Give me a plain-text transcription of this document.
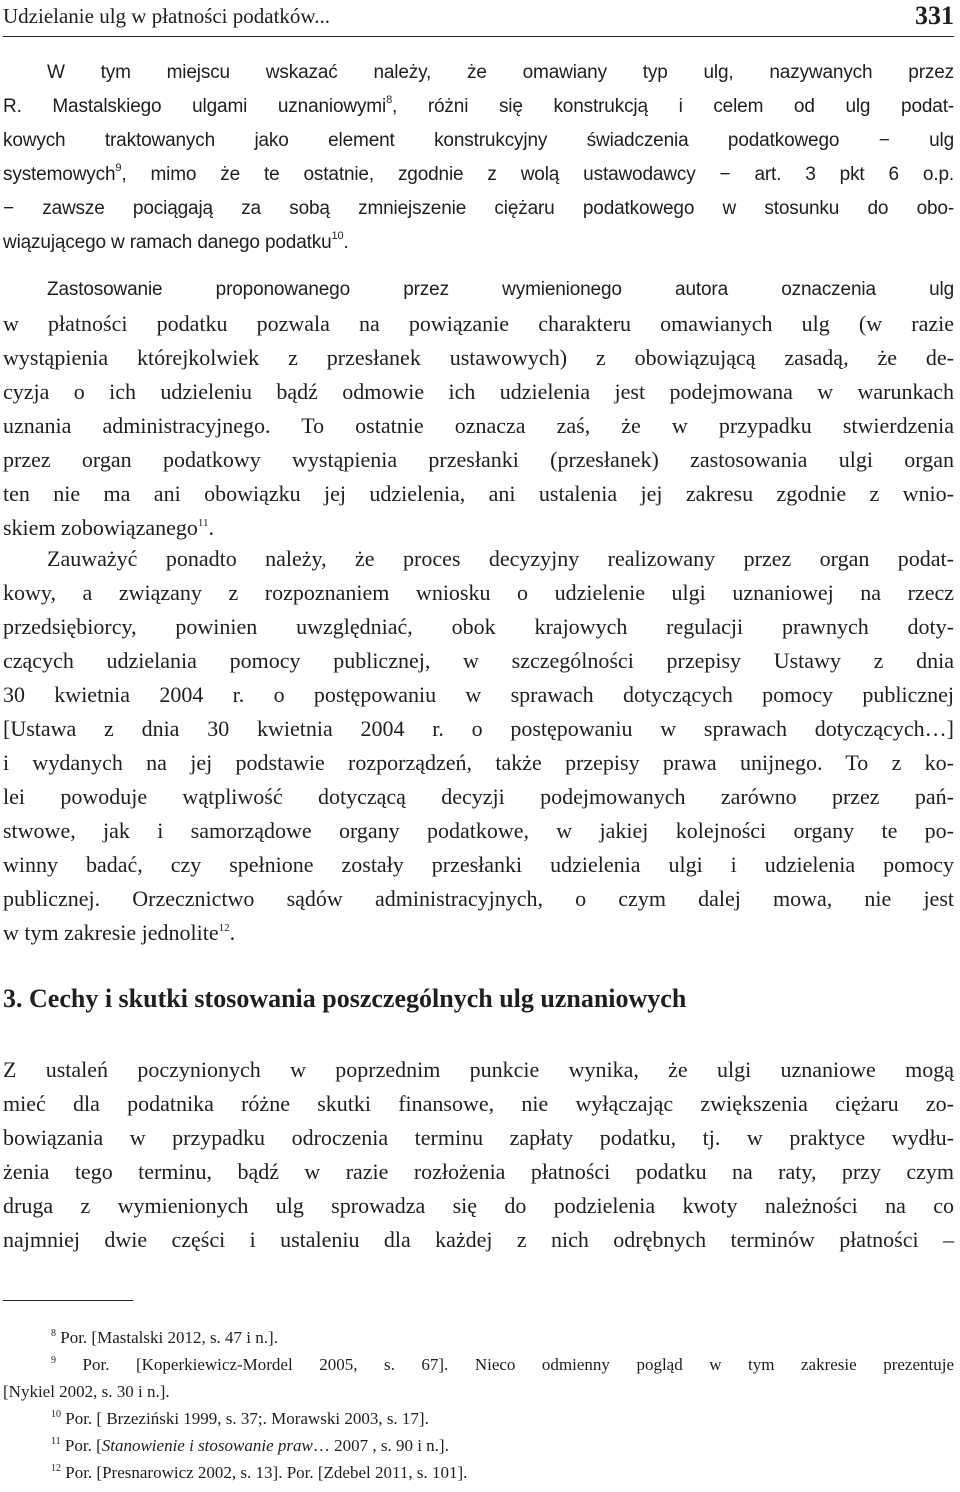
Udzielanie ulg w płatności podatków...	331
W tym miejscu wskazać należy, że omawiany typ ulg, nazywanych przez
R. Mastalskiego ulgami uznaniowymi$^8$, różni się konstrukcją i celem od ulg podat-
kowych traktowanych jako element konstrukcyjny świadczenia podatkowego − ulg
systemowych$^9$, mimo że te ostatnie, zgodnie z wolą ustawodawcy − art. 3 pkt 6 o.p.
− zawsze pociągają za sobą zmniejszenie ciężaru podatkowego w stosunku do obo-
wiązującego w ramach danego podatku$^{10}$.
Zastosowanie proponowanego przez wymienionego autora oznaczenia ulg
w płatności podatku pozwala na powiązanie charakteru omawianych ulg (w razie
wystąpienia którejkolwiek z przesłanek ustawowych) z obowiązującą zasadą, że de-
cyzja o ich udzieleniu bądź odmowie ich udzielenia jest podejmowana w warunkach
uznania administracyjnego. To ostatnie oznacza zaś, że w przypadku stwierdzenia
przez organ podatkowy wystąpienia przesłanki (przesłanek) zastosowania ulgi organ
ten nie ma ani obowiązku jej udzielenia, ani ustalenia jej zakresu zgodnie z wnio-
skiem zobowiązanego$^{11}$.
Zauważyć ponadto należy, że proces decyzyjny realizowany przez organ podat-
kowy, a związany z rozpoznaniem wniosku o udzielenie ulgi uznaniowej na rzecz
przedsiębiorcy, powinien uwzględniać, obok krajowych regulacji prawnych doty-
czących udzielania pomocy publicznej, w szczególności przepisy Ustawy z dnia
30 kwietnia 2004 r. o postępowaniu w sprawach dotyczących pomocy publicznej
[Ustawa z dnia 30 kwietnia 2004 r. o postępowaniu w sprawach dotyczących…]
i wydanych na jej podstawie rozporządzeń, także przepisy prawa unijnego. To z ko-
lei powoduje wątpliwość dotyczącą decyzji podejmowanych zarówno przez pań-
stwowe, jak i samorządowe organy podatkowe, w jakiej kolejności organy te po-
winny badać, czy spełnione zostały przesłanki udzielenia ulgi i udzielenia pomocy
publicznej. Orzecznictwo sądów administracyjnych, o czym dalej mowa, nie jest
w tym zakresie jednolite$^{12}$.
3. Cechy i skutki stosowania poszczególnych ulg uznaniowych
Z ustaleń poczynionych w poprzednim punkcie wynika, że ulgi uznaniowe mogą
mieć dla podatnika różne skutki finansowe, nie wyłączając zwiększenia ciężaru zo-
bowiązania w przypadku odroczenia terminu zapłaty podatku, tj. w praktyce wydłu-
żenia tego terminu, bądź w razie rozłożenia płatności podatku na raty, przy czym
druga z wymienionych ulg sprowadza się do podzielenia kwoty należności na co
najmniej dwie części i ustaleniu dla każdej z nich odrębnych terminów płatności –
$^8$ Por. [Mastalski 2012, s. 47 i n.].
$^9$ Por. [Koperkiewicz-Mordel 2005, s. 67]. Nieco odmienny pogląd w tym zakresie prezentuje
[Nykiel 2002, s. 30 i n.].
$^{10}$ Por. [ Brzeziński 1999, s. 37;. Morawski 2003, s. 17].
$^{11}$ Por. [Stanowienie i stosowanie praw… 2007 , s. 90 i n.].
$^{12}$ Por. [Presnarowicz 2002, s. 13]. Por. [Zdebel 2011, s. 101].
